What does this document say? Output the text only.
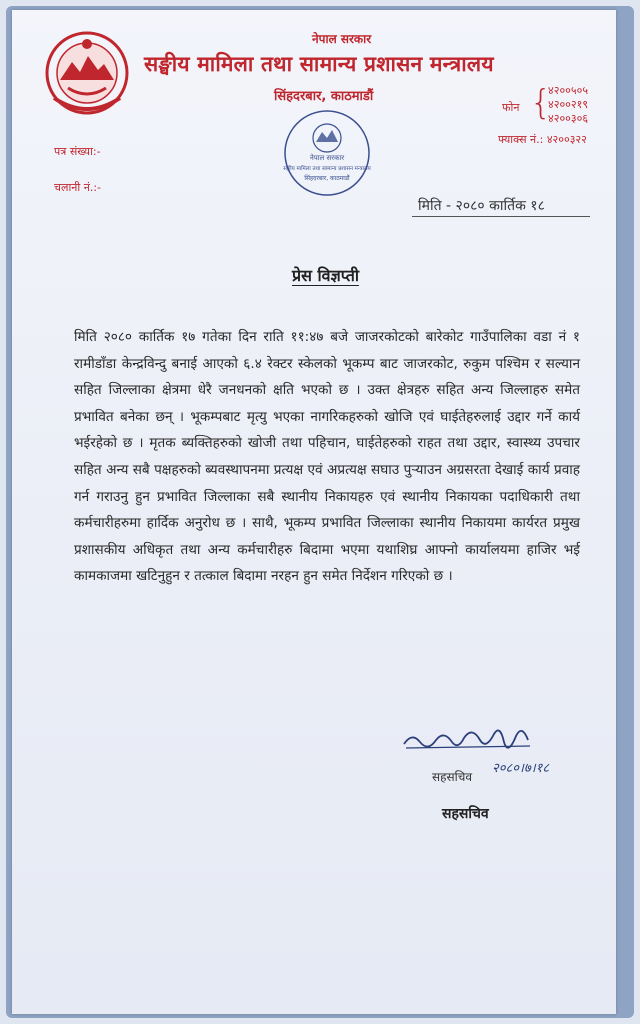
नेपाल सरकार
सङ्घीय मामिला तथा सामान्य प्रशासन मन्त्रालय
सिंहदरबार, काठमाडौं
फोन {
४२००५०५
४२००२१९
४२००३०६
फ्याक्स नं.: ४२००३२२
पत्र संख्या:-
चलानी नं.:-
नेपाल सरकार
सङ्घीय मामिला तथा सामान्य प्रशासन मन्त्रालय
सिंहदरबार, काठमाडौं
मिति - २०८० कार्तिक १८
प्रेस विज्ञप्ती
मिति २०८० कार्तिक १७ गतेका दिन राति ११:४७ बजे जाजरकोटको बारेकोट गाउँपालिका वडा नं १ रामीडाँडा केन्द्रविन्दु बनाई आएको ६.४ रेक्टर स्केलको भूकम्प बाट जाजरकोट, रुकुम पश्चिम र सल्यान सहित जिल्लाका क्षेत्रमा धेरै जनधनको क्षति भएको छ । उक्त क्षेत्रहरु सहित अन्य जिल्लाहरु समेत प्रभावित बनेका छन् । भूकम्पबाट मृत्यु भएका नागरिकहरुको खोजि एवं घाईतेहरुलाई उद्दार गर्ने कार्य भईरहेको छ । मृतक ब्यक्तिहरुको खोजी तथा पहिचान, घाईतेहरुको राहत तथा उद्दार, स्वास्थ्य उपचार सहित अन्य सबै पक्षहरुको ब्यवस्थापनमा प्रत्यक्ष एवं अप्रत्यक्ष सघाउ पुऱ्याउन अग्रसरता देखाई कार्य प्रवाह गर्न गराउनु हुन प्रभावित जिल्लाका सबै स्थानीय निकायहरु एवं स्थानीय निकायका पदाधिकारी तथा कर्मचारीहरुमा हार्दिक अनुरोध छ । साथै, भूकम्प प्रभावित जिल्लाका स्थानीय निकायमा कार्यरत प्रमुख प्रशासकीय अधिकृत तथा अन्य कर्मचारीहरु बिदामा भएमा यथाशिघ्र आफ्नो कार्यालयमा हाजिर भई कामकाजमा खटिनुहुन र तत्काल बिदामा नरहन हुन समेत निर्देशन गरिएको छ ।
२०८०।७।१८
सहसचिव
सहसचिव
